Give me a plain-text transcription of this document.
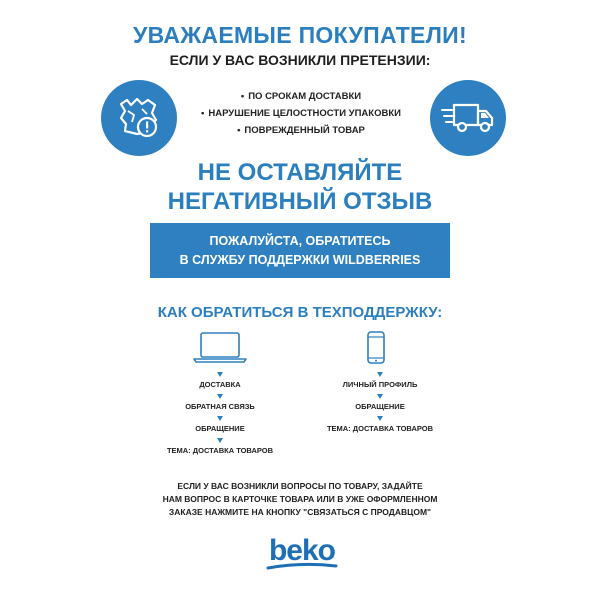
УВАЖАЕМЫЕ ПОКУПАТЕЛИ!
ЕСЛИ У ВАС ВОЗНИКЛИ ПРЕТЕНЗИИ:
• ПО СРОКАМ ДОСТАВКИ
• НАРУШЕНИЕ ЦЕЛОСТНОСТИ УПАКОВКИ
• ПОВРЕЖДЕННЫЙ ТОВАР
НЕ ОСТАВЛЯЙТЕ
НЕГАТИВНЫЙ ОТЗЫВ
ПОЖАЛУЙСТА, ОБРАТИТЕСЬ
В СЛУЖБУ ПОДДЕРЖКИ WILDBERRIES
КАК ОБРАТИТЬСЯ В ТЕХПОДДЕРЖКУ:
ДОСТАВКА
ОБРАТНАЯ СВЯЗЬ
ОБРАЩЕНИЕ
ТЕМА: ДОСТАВКА ТОВАРОВ
ЛИЧНЫЙ ПРОФИЛЬ
ОБРАЩЕНИЕ
ТЕМА: ДОСТАВКА ТОВАРОВ
ЕСЛИ У ВАС ВОЗНИКЛИ ВОПРОСЫ ПО ТОВАРУ, ЗАДАЙТЕ
НАМ ВОПРОС В КАРТОЧКЕ ТОВАРА ИЛИ В УЖЕ ОФОРМЛЕННОМ
ЗАКАЗЕ НАЖМИТЕ НА КНОПКУ "СВЯЗАТЬСЯ С ПРОДАВЦОМ"
beko
